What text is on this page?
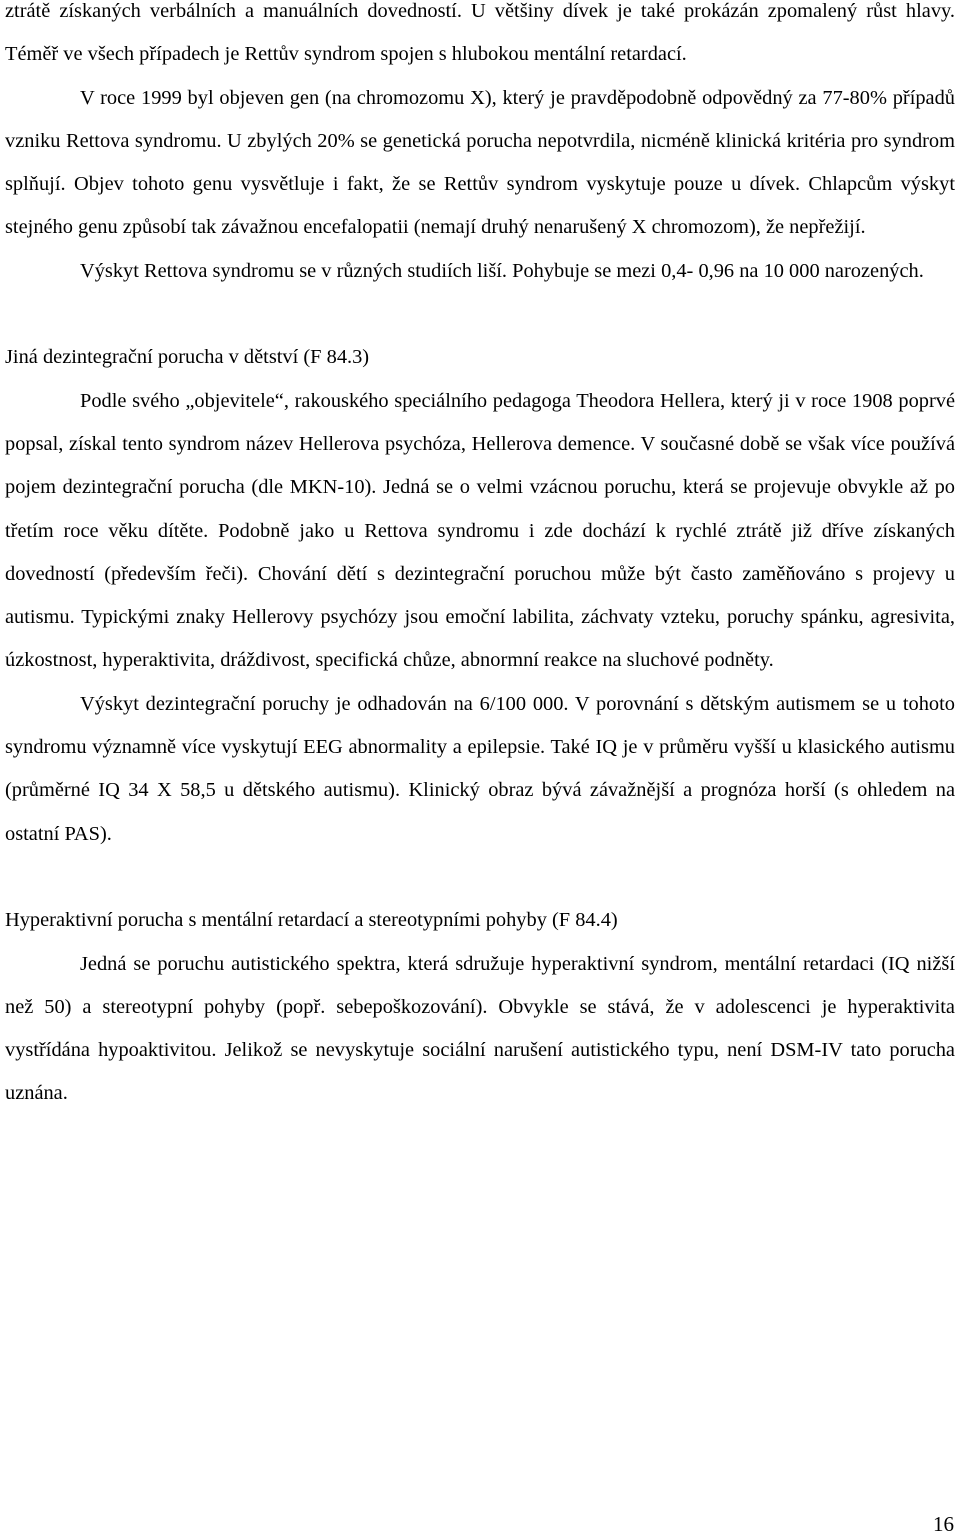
ztrátě získaných verbálních a manuálních dovedností. U většiny dívek je také prokázán zpomalený růst hlavy. Téměř ve všech případech je Rettův syndrom spojen s hlubokou mentální retardací.

V roce 1999 byl objeven gen (na chromozomu X), který je pravděpodobně odpovědný za 77-80% případů vzniku Rettova syndromu. U zbylých 20% se genetická porucha nepotvrdila, nicméně klinická kritéria pro syndrom splňují. Objev tohoto genu vysvětluje i fakt, že se Rettův syndrom vyskytuje pouze u dívek. Chlapcům výskyt stejného genu způsobí tak závažnou encefalopatii (nemají druhý nenarušený X chromozom), že nepřežijí.

Výskyt Rettova syndromu se v různých studiích liší. Pohybuje se mezi 0,4- 0,96 na 10 000 narozených.

Jiná dezintegrační porucha v dětství (F 84.3)

Podle svého „objevitele“, rakouského speciálního pedagoga Theodora Hellera, který ji v roce 1908 poprvé popsal, získal tento syndrom název Hellerova psychóza, Hellerova demence. V současné době se však více používá pojem dezintegrační porucha (dle MKN-10). Jedná se o velmi vzácnou poruchu, která se projevuje obvykle až po třetím roce věku dítěte. Podobně jako u Rettova syndromu i zde dochází k rychlé ztrátě již dříve získaných dovedností (především řeči). Chování dětí s dezintegrační poruchou může být často zaměňováno s projevy u autismu. Typickými znaky Hellerovy psychózy jsou emoční labilita, záchvaty vzteku, poruchy spánku, agresivita, úzkostnost, hyperaktivita, dráždivost, specifická chůze, abnormní reakce na sluchové podněty.

Výskyt dezintegrační poruchy je odhadován na 6/100 000. V porovnání s dětským autismem se u tohoto syndromu významně více vyskytují EEG abnormality a epilepsie. Také IQ je v průměru vyšší u klasického autismu (průměrné IQ 34 X 58,5 u dětského autismu). Klinický obraz bývá závažnější a prognóza horší (s ohledem na ostatní PAS).

Hyperaktivní porucha s mentální retardací a stereotypními pohyby (F 84.4)

Jedná se poruchu autistického spektra, která sdružuje hyperaktivní syndrom, mentální retardaci (IQ nižší než 50) a stereotypní pohyby (popř. sebepoškozování). Obvykle se stává, že v adolescenci je hyperaktivita vystřídána hypoaktivitou. Jelikož se nevyskytuje sociální narušení autistického typu, není DSM-IV tato porucha uznána.

16
